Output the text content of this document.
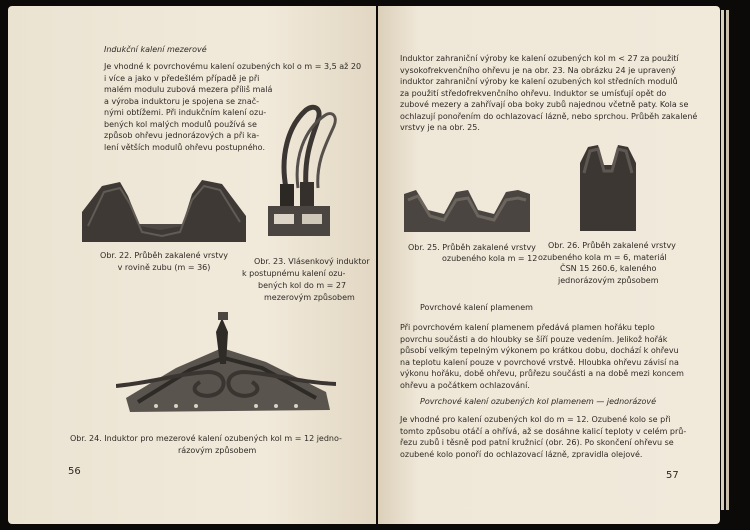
Indukční kalení mezerové
Je vhodné k povrchovému kalení ozubených kol o m = 3,5 až 20
i více a jako v předešlém případě je při
malém modulu zubová mezera příliš malá
a výroba induktoru je spojena se znač-
nými obtížemi. Při indukčním kalení ozu-
bených kol malých modulů používá se
způsob ohřevu jednorázových a při ka-
lení větších modulů ohřevu postupného.
Obr. 22. Průběh zakalené vrstvy
v rovině zubu (m = 36)
Obr. 23. Vlásenkový induktor
k postupnému kalení ozu-
bených kol do m = 27
mezerovým způsobem
Obr. 24. Induktor pro mezerové kalení ozubených kol m = 12 jedno-
rázovým způsobem
56
Induktor zahraniční výroby ke kalení ozubených kol m < 27 za použití
vysokofrekvenčního ohřevu je na obr. 23. Na obrázku 24 je upravený
induktor zahraniční výroby ke kalení ozubených kol středních modulů
za použití středofrekvenčního ohřevu. Induktor se umísťují opět do
zubové mezery a zahřívají oba boky zubů najednou včetně paty. Kola se
ochlazují ponořením do ochlazovací lázně, nebo sprchou. Průběh zakalené
vrstvy je na obr. 25.
Obr. 25. Průběh zakalené vrstvy
ozubeného kola m = 12
Obr. 26. Průběh zakalené vrstvy
ozubeného kola m = 6, materiál
ČSN 15 260.6, kaleného
jednorázovým způsobem
Povrchové kalení plamenem
Při povrchovém kalení plamenem předává plamen hořáku teplo
povrchu součásti a do hloubky se šíří pouze vedením. Jelikož hořák
působí velkým tepelným výkonem po krátkou dobu, dochází k ohřevu
na teplotu kalení pouze v povrchové vrstvě. Hloubka ohřevu závisí na
výkonu hořáku, době ohřevu, průřezu součásti a na době mezi koncem
ohřevu a počátkem ochlazování.
Povrchové kalení ozubených kol plamenem — jednorázové
Je vhodné pro kalení ozubených kol do m = 12. Ozubené kolo se při
tomto způsobu otáčí a ohřívá, až se dosáhne kalicí teploty v celém prů-
řezu zubů i těsně pod patní kružnicí (obr. 26). Po skončení ohřevu se
ozubené kolo ponoří do ochlazovací lázně, zpravidla olejové.
57
